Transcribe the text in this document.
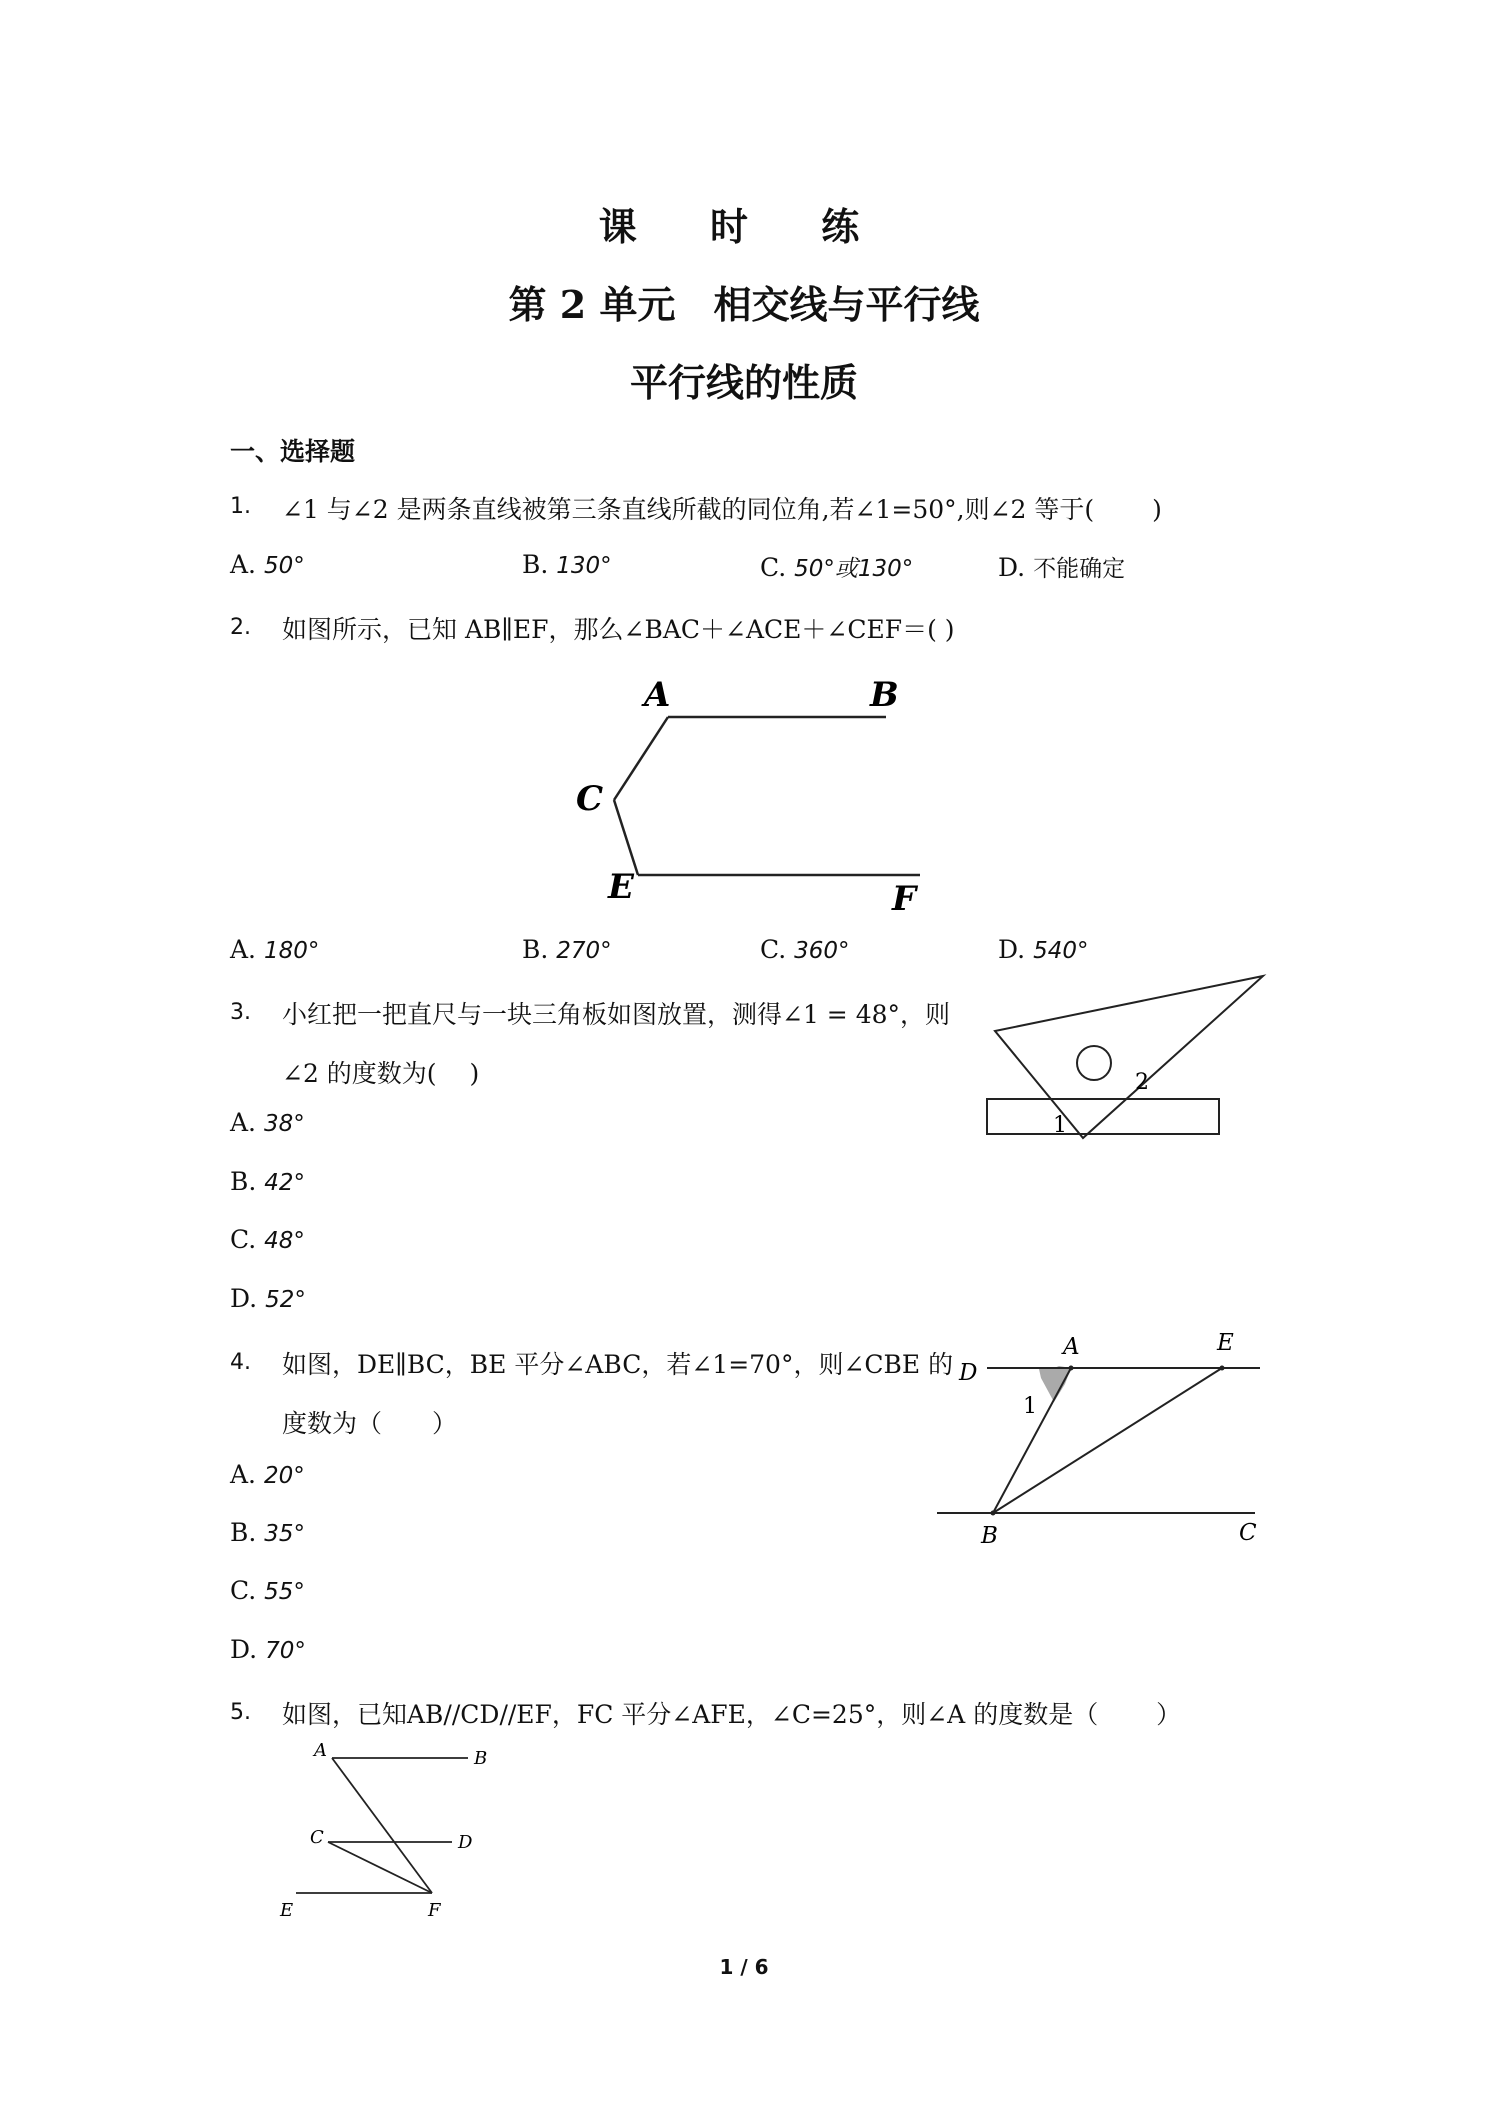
课 时 练
第 2 单元　相交线与平行线
平行线的性质
一、选择题
1. ∠1 与∠2 是两条直线被第三条直线所截的同位角,若∠1=50°,则∠2 等于(　　 )
A. 50°	B. 130°	C. 50°或130°	D. 不能确定
2. 如图所示，已知 AB∥EF，那么∠BAC＋∠ACE＋∠CEF＝( )
A	B
C
E	F
A. 180°	B. 270°	C. 360°	D. 540°
3. 小红把一把直尺与一块三角板如图放置，测得∠1 = 48°，则
∠2 的度数为( 　)
1
2
A. 38°
B. 42°
C. 48°
D. 52°
4. 如图，DE∥BC，BE 平分∠ABC，若∠1=70°，则∠CBE 的
度数为（　　）
D
A	E
B	C
1
A. 20°
B. 35°
C. 55°
D. 70°
5. 如图，已知AB//CD//EF，FC 平分∠AFE，∠C=25°，则∠A 的度数是（　　 ）
A	B
C	D
E	F
1 / 6
